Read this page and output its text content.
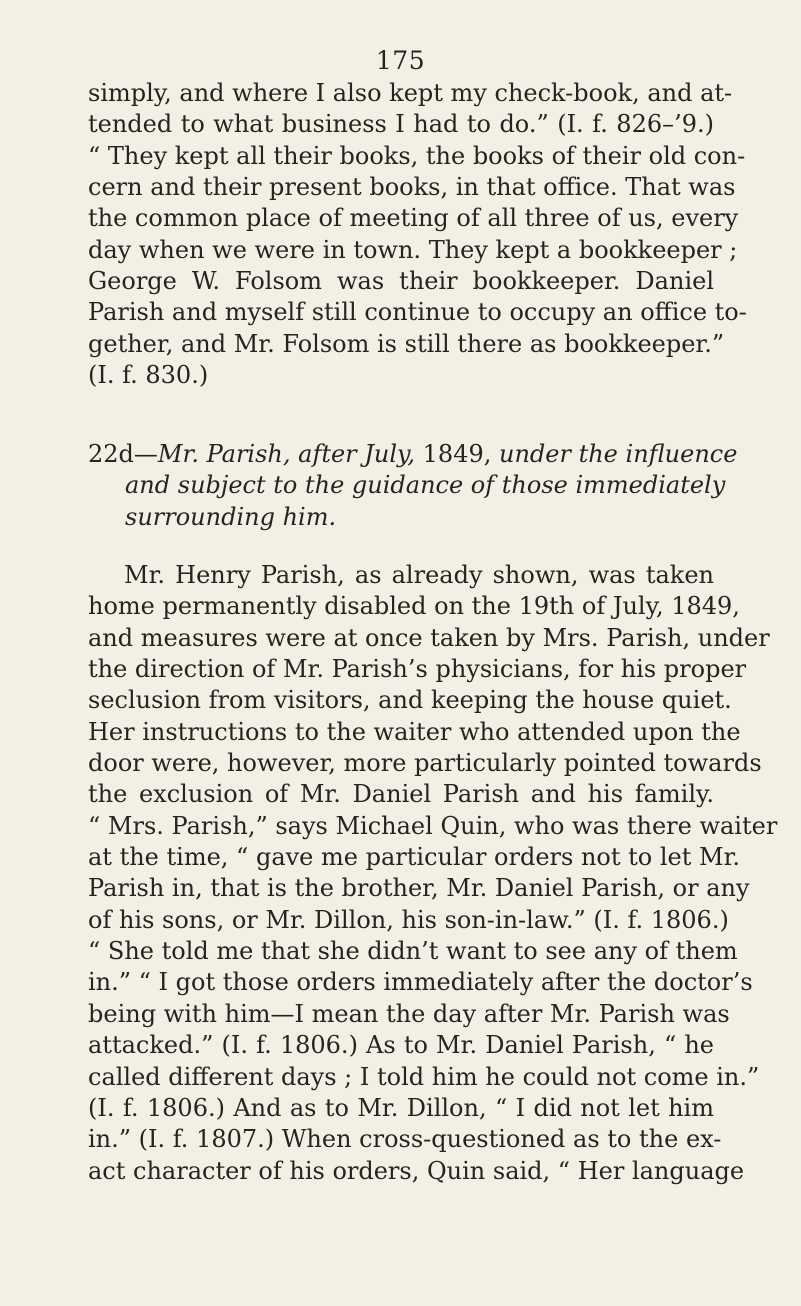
175
simply, and where I also kept my check-book, and at-
tended to what business I had to do.” (I. f. 826–’9.)
“ They kept all their books, the books of their old con-
cern and their present books, in that office. That was
the common place of meeting of all three of us, every
day when we were in town. They kept a bookkeeper ;
George W. Folsom was their bookkeeper. Daniel
Parish and myself still continue to occupy an office to-
gether, and Mr. Folsom is still there as bookkeeper.”
(I. f. 830.)
22d—Mr. Parish, after July, 1849, under the influence
and subject to the guidance of those immediately
surrounding him.
Mr. Henry Parish, as already shown, was taken
home permanently disabled on the 19th of July, 1849,
and measures were at once taken by Mrs. Parish, under
the direction of Mr. Parish’s physicians, for his proper
seclusion from visitors, and keeping the house quiet.
Her instructions to the waiter who attended upon the
door were, however, more particularly pointed towards
the exclusion of Mr. Daniel Parish and his family.
“ Mrs. Parish,” says Michael Quin, who was there waiter
at the time, “ gave me particular orders not to let Mr.
Parish in, that is the brother, Mr. Daniel Parish, or any
of his sons, or Mr. Dillon, his son-in-law.” (I. f. 1806.)
“ She told me that she didn’t want to see any of them
in.” “ I got those orders immediately after the doctor’s
being with him—I mean the day after Mr. Parish was
attacked.” (I. f. 1806.) As to Mr. Daniel Parish, “ he
called different days ; I told him he could not come in.”
(I. f. 1806.) And as to Mr. Dillon, “ I did not let him
in.” (I. f. 1807.) When cross-questioned as to the ex-
act character of his orders, Quin said, “ Her language
